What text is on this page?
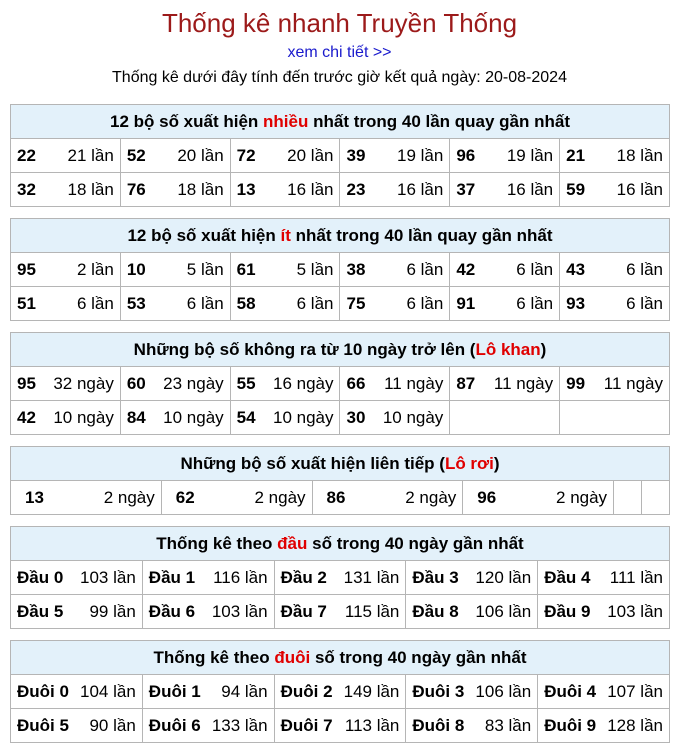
Thống kê nhanh Truyền Thống
xem chi tiết >>
Thống kê dưới đây tính đến trước giờ kết quả ngày: 20-08-2024
12 bộ số xuất hiện nhiều nhất trong 40 lần quay gần nhất					
22 21 lần	52 20 lần	72 20 lần	39 19 lần	96 19 lần	21 18 lần

32 18 lần	76 18 lần	13 16 lần	23 16 lần	37 16 lần	59 16 lần
12 bộ số xuất hiện ít nhất trong 40 lần quay gần nhất					
95 2 lần	10 5 lần	61 5 lần	38 6 lần	42 6 lần	43 6 lần

51 6 lần	53 6 lần	58 6 lần	75 6 lần	91 6 lần	93 6 lần
Những bộ số không ra từ 10 ngày trở lên (Lô khan)					
95 32 ngày	60 23 ngày	55 16 ngày	66 11 ngày	87 11 ngày	99 11 ngày

42 10 ngày	84 10 ngày	54 10 ngày	30 10 ngày		

Những bộ số xuất hiện liên tiếp (Lô rơi)
13	2 ngày	62	2 ngày	86	2 ngày	96	2 ngày

Thống kê theo đầu số trong 40 ngày gần nhất				
Đầu 0 103 lần	Đầu 1 116 lần	Đầu 2 131 lần	Đầu 3 120 lần	Đầu 4 111 lần

Đầu 5 99 lần	Đầu 6 103 lần	Đầu 7 115 lần	Đầu 8 106 lần	Đầu 9 103 lần
Thống kê theo đuôi số trong 40 ngày gần nhất				
Đuôi 0 104 lần	Đuôi 1 94 lần	Đuôi 2 149 lần	Đuôi 3 106 lần	Đuôi 4 107 lần

Đuôi 5 90 lần	Đuôi 6 133 lần	Đuôi 7 113 lần	Đuôi 8 83 lần	Đuôi 9 128 lần
